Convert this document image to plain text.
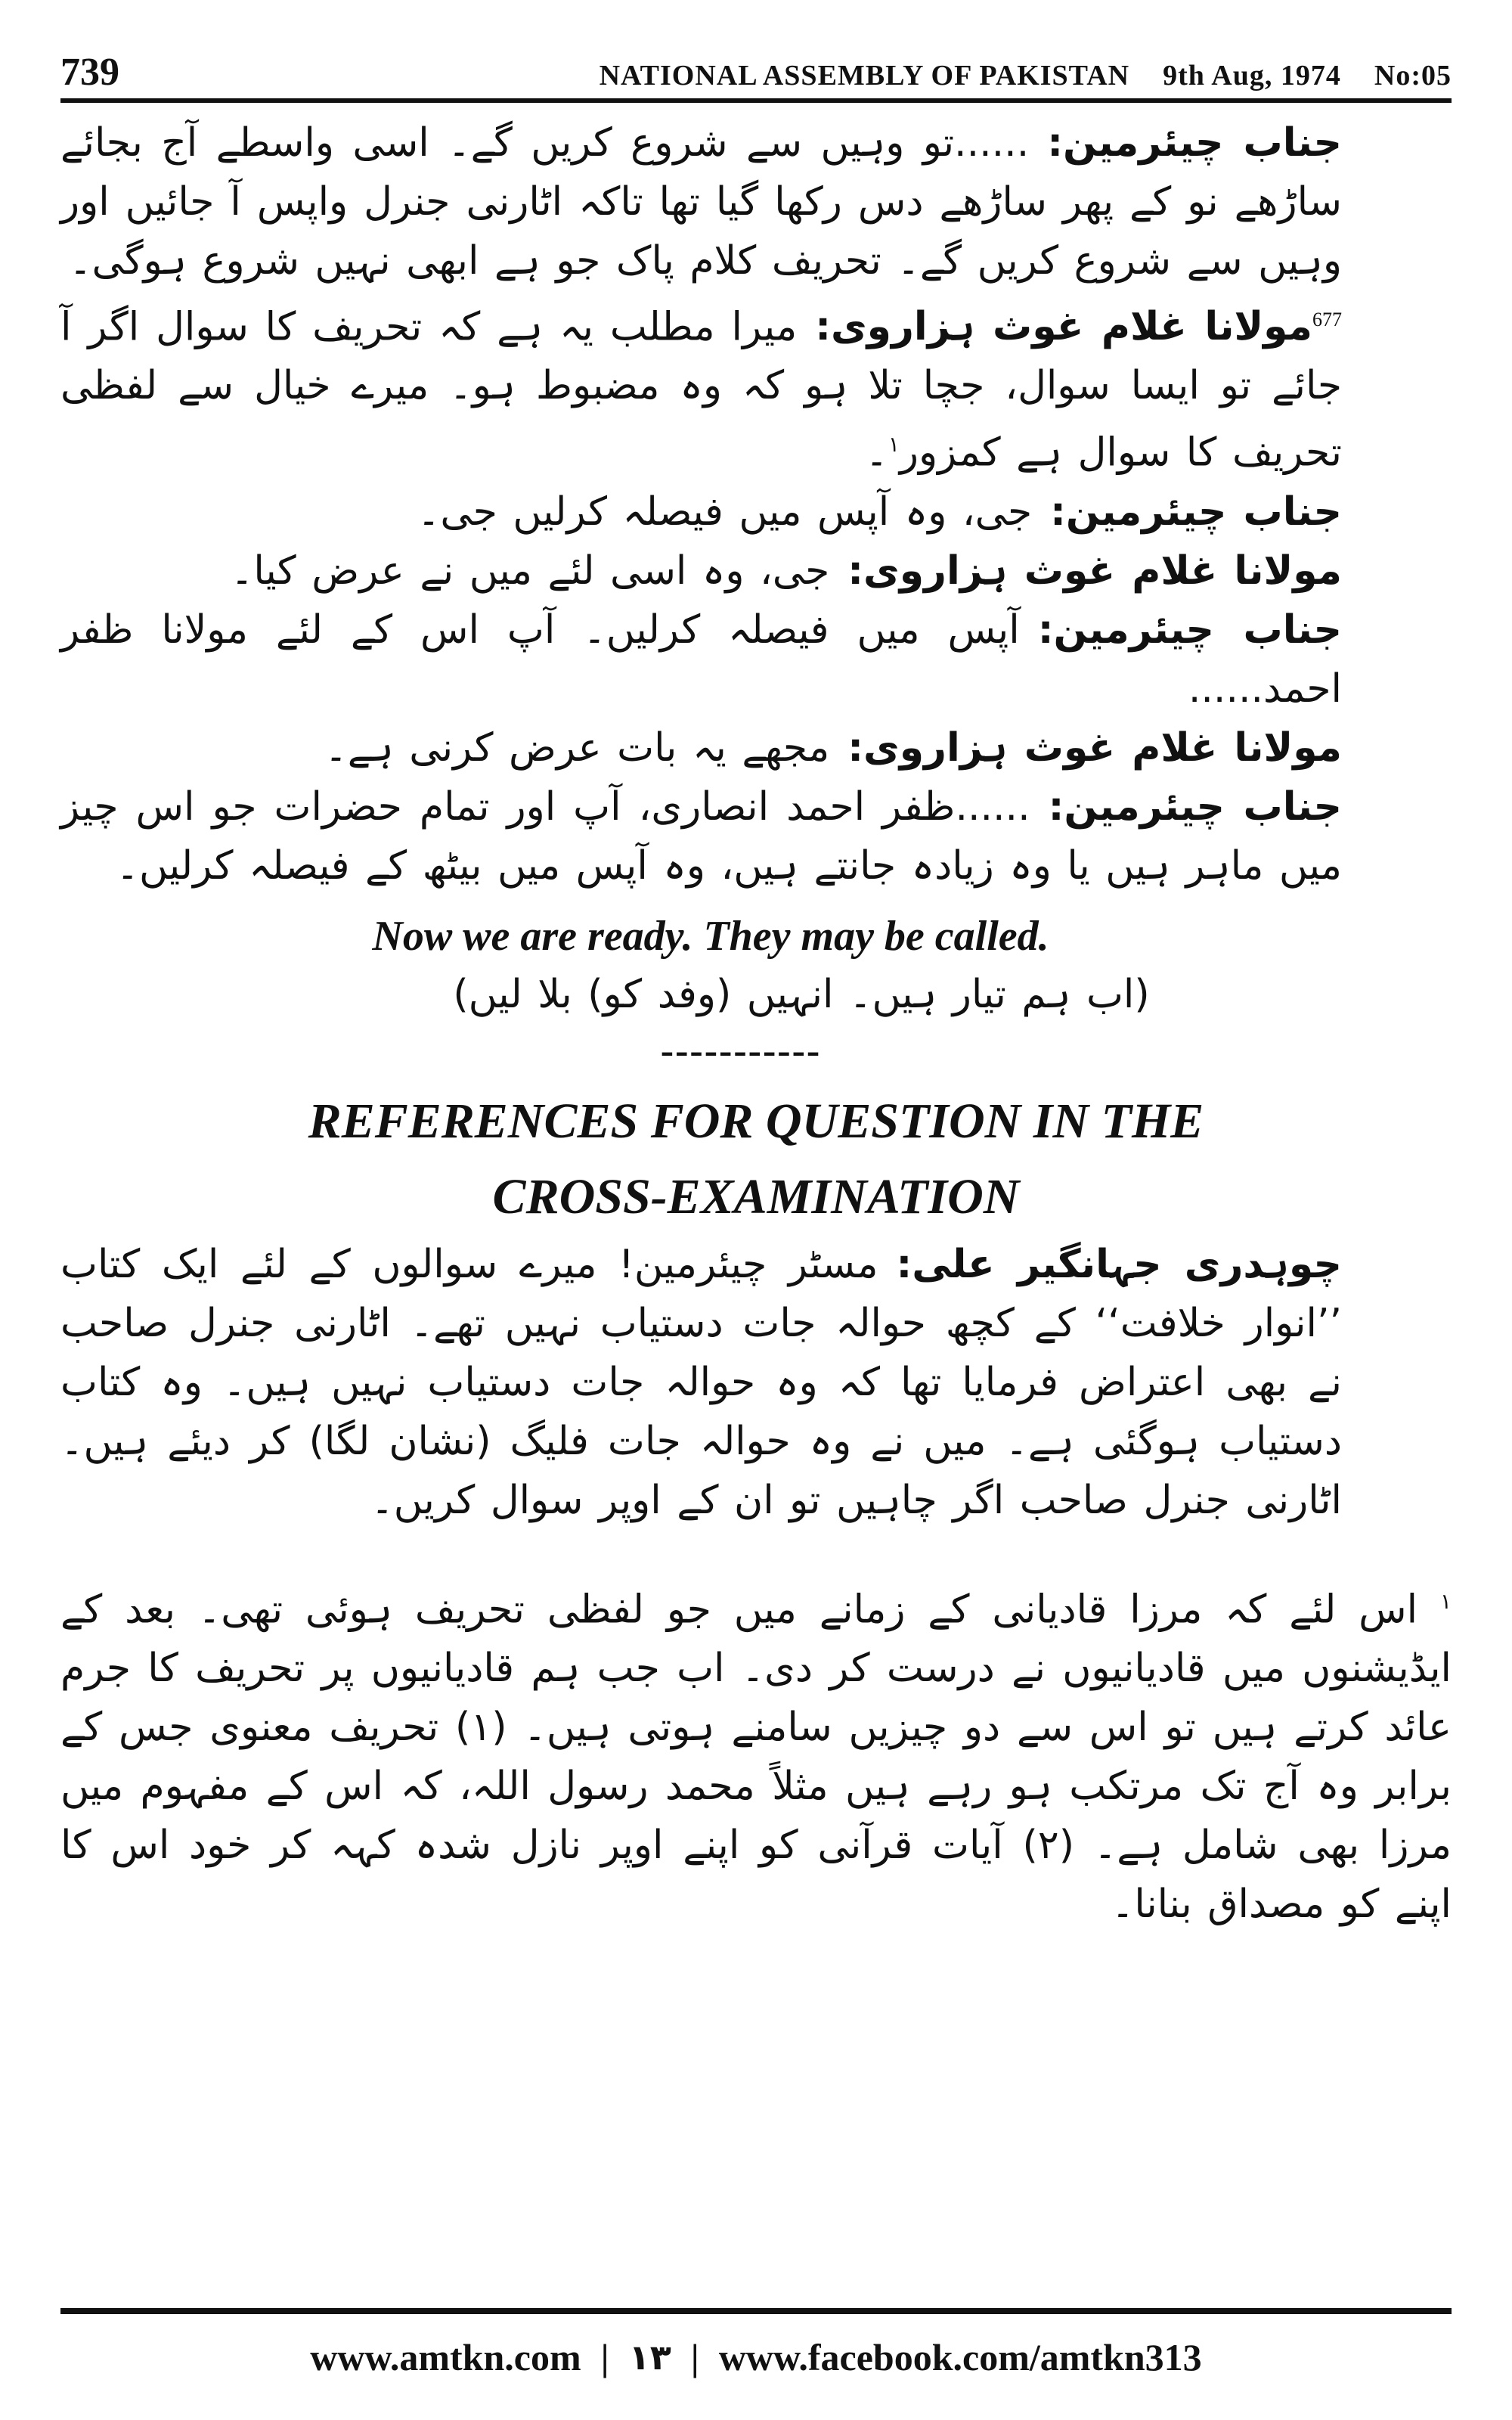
739	NATIONAL ASSEMBLY OF PAKISTAN 9th Aug, 1974 No:05

جناب چیئرمین:......تو وہیں سے شروع کریں گے۔ اسی واسطے آج بجائے ساڑھے نو کے پھر ساڑھے دس رکھا گیا تھا تاکہ اٹارنی جنرل واپس آ جائیں اور وہیں سے شروع کریں گے۔ تحریف کلام پاک جو ہے ابھی نہیں شروع ہوگی۔

$^{677}$مولانا غلام غوث ہزاروی:میرا مطلب یہ ہے کہ تحریف کا سوال اگر آ جائے تو ایسا سوال، جچا تلا ہو کہ وہ مضبوط ہو۔ میرے خیال سے لفظی تحریف کا سوال ہے کمزور$^۱$۔

جناب چیئرمین:جی، وہ آپس میں فیصلہ کرلیں جی۔

مولانا غلام غوث ہزاروی:جی، وہ اسی لئے میں نے عرض کیا۔

جناب چیئرمین:آپس میں فیصلہ کرلیں۔ آپ اس کے لئے مولانا ظفر احمد......

مولانا غلام غوث ہزاروی:مجھے یہ بات عرض کرنی ہے۔

جناب چیئرمین:......ظفر احمد انصاری، آپ اور تمام حضرات جو اس چیز میں ماہر ہیں یا وہ زیادہ جانتے ہیں، وہ آپس میں بیٹھ کے فیصلہ کرلیں۔

Now we are ready. They may be called.

(اب ہم تیار ہیں۔ انہیں (وفد کو) بلا لیں)

-----------

REFERENCES FOR QUESTION IN THE

CROSS-EXAMINATION

چوہدری جہانگیر علی:مسٹر چیئرمین! میرے سوالوں کے لئے ایک کتاب ’’انوار خلافت‘‘ کے کچھ حوالہ جات دستیاب نہیں تھے۔ اٹارنی جنرل صاحب نے بھی اعتراض فرمایا تھا کہ وہ حوالہ جات دستیاب نہیں ہیں۔ وہ کتاب دستیاب ہوگئی ہے۔ میں نے وہ حوالہ جات فلیگ (نشان لگا) کر دیئے ہیں۔ اٹارنی جنرل صاحب اگر چاہیں تو ان کے اوپر سوال کریں۔

$^۱$ اس لئے کہ مرزا قادیانی کے زمانے میں جو لفظی تحریف ہوئی تھی۔ بعد کے ایڈیشنوں میں قادیانیوں نے درست کر دی۔ اب جب ہم قادیانیوں پر تحریف کا جرم عائد کرتے ہیں تو اس سے دو چیزیں سامنے ہوتی ہیں۔ (۱) تحریف معنوی جس کے برابر وہ آج تک مرتکب ہو رہے ہیں مثلاً محمد رسول اللہ، کہ اس کے مفہوم میں مرزا بھی شامل ہے۔ (۲) آیات قرآنی کو اپنے اوپر نازل شدہ کہہ کر خود اس کا اپنے کو مصداق بنانا۔

www.amtkn.com | ۱۳ | www.facebook.com/amtkn313
